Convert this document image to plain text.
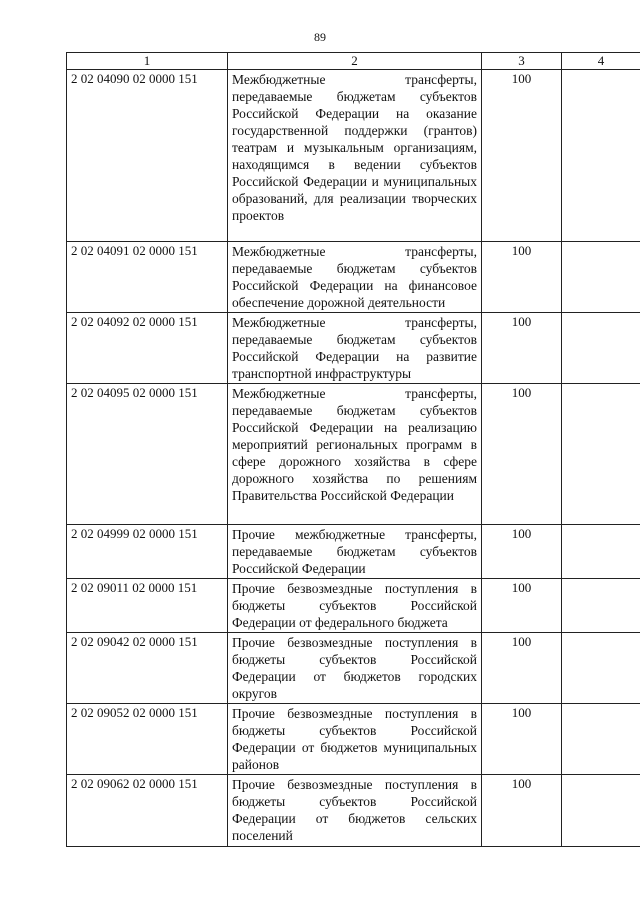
89
1	2	3	4
2 02 04090 02 0000 151	Межбюджетные трансферты, передаваемые бюджетам субъектов Российской Федерации на оказание государственной поддержки (грантов) театрам и музыкальным организациям, находящимся в ведении субъектов Российской Федерации и муниципальных образований, для реализации творческих проектов	100	
2 02 04091 02 0000 151	Межбюджетные трансферты, передаваемые бюджетам субъектов Российской Федерации на финансовое обеспечение дорожной деятельности	100	
2 02 04092 02 0000 151	Межбюджетные трансферты, передаваемые бюджетам субъектов Российской Федерации на развитие транспортной инфраструктуры	100	
2 02 04095 02 0000 151	Межбюджетные трансферты, передаваемые бюджетам субъектов Российской Федерации на реализацию мероприятий региональных программ в сфере дорожного хозяйства в сфере дорожного хозяйства по решениям Правительства Российской Федерации	100	
2 02 04999 02 0000 151	Прочие межбюджетные трансферты, передаваемые бюджетам субъектов Российской Федерации	100	
2 02 09011 02 0000 151	Прочие безвозмездные поступления в бюджеты субъектов Российской Федерации от федерального бюджета	100	
2 02 09042 02 0000 151	Прочие безвозмездные поступления в бюджеты субъектов Российской Федерации от бюджетов городских округов	100	
2 02 09052 02 0000 151	Прочие безвозмездные поступления в бюджеты субъектов Российской Федерации от бюджетов муниципальных районов	100	
2 02 09062 02 0000 151	Прочие безвозмездные поступления в бюджеты субъектов Российской Федерации от бюджетов сельских поселений	100	
